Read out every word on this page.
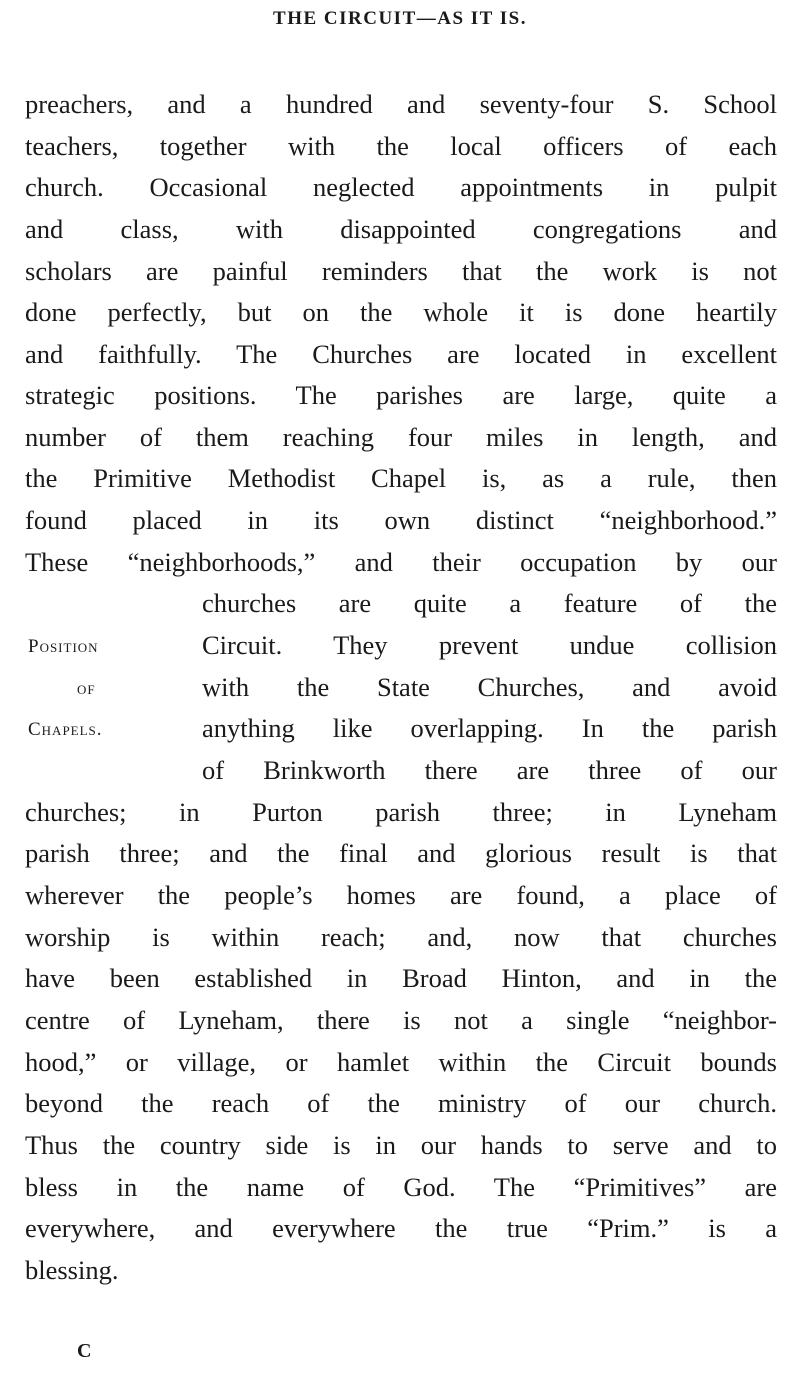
THE CIRCUIT—AS IT IS.
preachers, and a hundred and seventy-four S. School
teachers, together with the local officers of each
church. Occasional neglected appointments in pulpit
and class, with disappointed congregations and
scholars are painful reminders that the work is not
done perfectly, but on the whole it is done heartily
and faithfully. The Churches are located in excellent
strategic positions. The parishes are large, quite a
number of them reaching four miles in length, and
the Primitive Methodist Chapel is, as a rule, then
found placed in its own distinct “neighborhood.”
These “neighborhoods,” and their occupation by our
churches are quite a feature of the
Circuit. They prevent undue collision
with the State Churches, and avoid
anything like overlapping. In the parish
of Brinkworth there are three of our
Position
of
Chapels.
churches; in Purton parish three; in Lyneham
parish three; and the final and glorious result is that
wherever the people’s homes are found, a place of
worship is within reach; and, now that churches
have been established in Broad Hinton, and in the
centre of Lyneham, there is not a single “neighbor-
hood,” or village, or hamlet within the Circuit bounds
beyond the reach of the ministry of our church.
Thus the country side is in our hands to serve and to
bless in the name of God. The “Primitives” are
everywhere, and everywhere the true “Prim.” is a
blessing.
C
